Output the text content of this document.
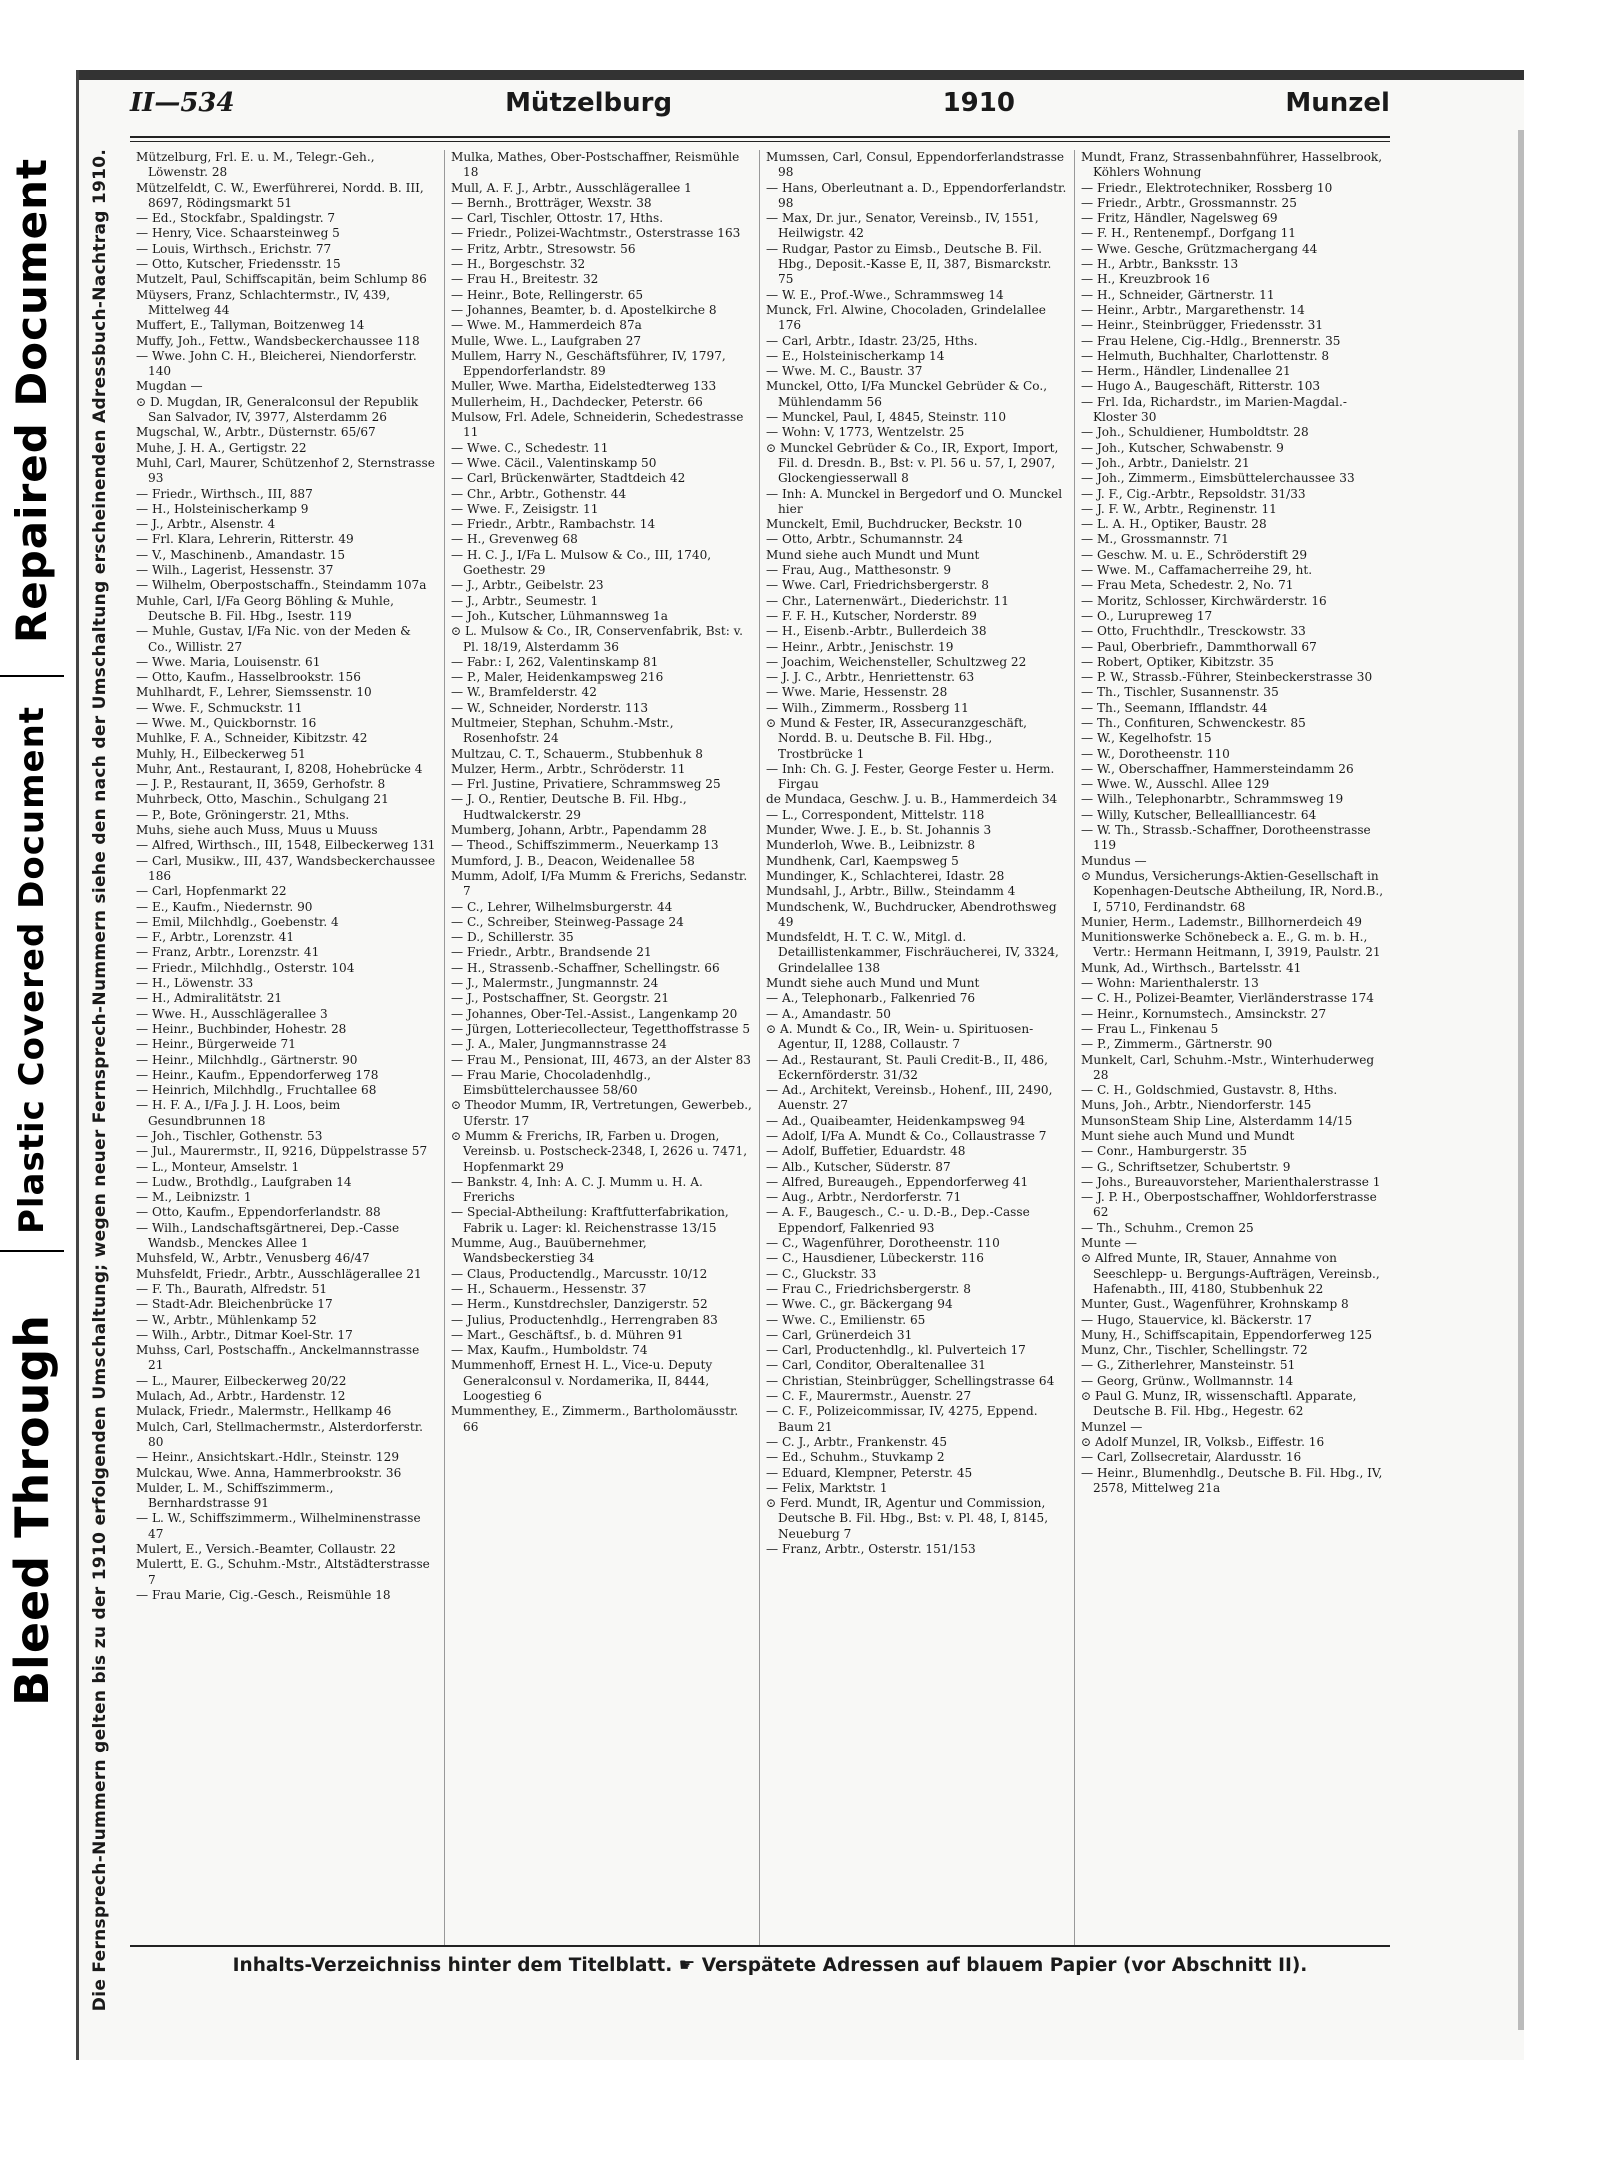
Repaired Document
Plastic Covered Document
Bleed Through Die Fernsprech-Nummern gelten bis zu der 1910 erfolgenden Umschaltung; wegen neuer Fernsprech-Nummern siehe den nach der Umschaltung erscheinenden Adressbuch-Nachtrag 1910.
II—534	Mützelburg	1910	Munzel
Mützelburg, Frl. E. u. M., Telegr.-Geh., Löwenstr. 28
Mützelfeldt, C. W., Ewerführerei, Nordd. B. III, 8697, Rödingsmarkt 51
— Ed., Stockfabr., Spaldingstr. 7
— Henry, Vice. Schaarsteinweg 5
— Louis, Wirthsch., Erichstr. 77
— Otto, Kutscher, Friedensstr. 15
Mutzelt, Paul, Schiffscapitän, beim Schlump 86
Müysers, Franz, Schlachtermstr., IV, 439, Mittelweg 44
Muffert, E., Tallyman, Boitzenweg 14
Muffy, Joh., Fettw., Wandsbeckerchaussee 118
— Wwe. John C. H., Bleicherei, Niendorferstr. 140
Mugdan —
⊙ D. Mugdan, IR, Generalconsul der Republik San Salvador, IV, 3977, Alsterdamm 26
Mugschal, W., Arbtr., Düsternstr. 65/67
Muhe, J. H. A., Gertigstr. 22
Muhl, Carl, Maurer, Schützenhof 2, Sternstrasse 93
— Friedr., Wirthsch., III, 887
— H., Holsteinischerkamp 9
— J., Arbtr., Alsenstr. 4
— Frl. Klara, Lehrerin, Ritterstr. 49
— V., Maschinenb., Amandastr. 15
— Wilh., Lagerist, Hessenstr. 37
— Wilhelm, Oberpostschaffn., Steindamm 107a
Muhle, Carl, I/Fa Georg Böhling & Muhle, Deutsche B. Fil. Hbg., Isestr. 119
— Muhle, Gustav, I/Fa Nic. von der Meden & Co., Willistr. 27
— Wwe. Maria, Louisenstr. 61
— Otto, Kaufm., Hasselbrookstr. 156
Muhlhardt, F., Lehrer, Siemssenstr. 10
— Wwe. F., Schmuckstr. 11
— Wwe. M., Quickbornstr. 16
Muhlke, F. A., Schneider, Kibitzstr. 42
Muhly, H., Eilbeckerweg 51
Muhr, Ant., Restaurant, I, 8208, Hohebrücke 4
— J. P., Restaurant, II, 3659, Gerhofstr. 8
Muhrbeck, Otto, Maschin., Schulgang 21
— P., Bote, Gröningerstr. 21, Mths.
Muhs, siehe auch Muss, Muus u Muuss
— Alfred, Wirthsch., III, 1548, Eilbeckerweg 131
— Carl, Musikw., III, 437, Wandsbeckerchaussee 186
— Carl, Hopfenmarkt 22
— E., Kaufm., Niedernstr. 90
— Emil, Milchhdlg., Goebenstr. 4
— F., Arbtr., Lorenzstr. 41
— Franz, Arbtr., Lorenzstr. 41
— Friedr., Milchhdlg., Osterstr. 104
— H., Löwenstr. 33
— H., Admiralitätstr. 21
— Wwe. H., Ausschlägerallee 3
— Heinr., Buchbinder, Hohestr. 28
— Heinr., Bürgerweide 71
— Heinr., Milchhdlg., Gärtnerstr. 90
— Heinr., Kaufm., Eppendorferweg 178
— Heinrich, Milchhdlg., Fruchtallee 68
— H. F. A., I/Fa J. J. H. Loos, beim Gesundbrunnen 18
— Joh., Tischler, Gothenstr. 53
— Jul., Maurermstr., II, 9216, Düppelstrasse 57
— L., Monteur, Amselstr. 1
— Ludw., Brothdlg., Laufgraben 14
— M., Leibnizstr. 1
— Otto, Kaufm., Eppendorferlandstr. 88
— Wilh., Landschaftsgärtnerei, Dep.-Casse Wandsb., Menckes Allee 1
Muhsfeld, W., Arbtr., Venusberg 46/47
Muhsfeldt, Friedr., Arbtr., Ausschlägerallee 21
— F. Th., Baurath, Alfredstr. 51
— Stadt-Adr. Bleichenbrücke 17
— W., Arbtr., Mühlenkamp 52
— Wilh., Arbtr., Ditmar Koel-Str. 17
Muhss, Carl, Postschaffn., Anckelmannstrasse 21
— L., Maurer, Eilbeckerweg 20/22
Mulach, Ad., Arbtr., Hardenstr. 12
Mulack, Friedr., Malermstr., Hellkamp 46
Mulch, Carl, Stellmachermstr., Alsterdorferstr. 80
— Heinr., Ansichtskart.-Hdlr., Steinstr. 129
Mulckau, Wwe. Anna, Hammerbrookstr. 36
Mulder, L. M., Schiffszimmerm., Bernhardstrasse 91
— L. W., Schiffszimmerm., Wilhelminenstrasse 47
Mulert, E., Versich.-Beamter, Collaustr. 22
Mulertt, E. G., Schuhm.-Mstr., Altstädterstrasse 7
— Frau Marie, Cig.-Gesch., Reismühle 18
Mulka, Mathes, Ober-Postschaffner, Reismühle 18
Mull, A. F. J., Arbtr., Ausschlägerallee 1
— Bernh., Brotträger, Wexstr. 38
— Carl, Tischler, Ottostr. 17, Hths.
— Friedr., Polizei-Wachtmstr., Osterstrasse 163
— Fritz, Arbtr., Stresowstr. 56
— H., Borgeschstr. 32
— Frau H., Breitestr. 32
— Heinr., Bote, Rellingerstr. 65
— Johannes, Beamter, b. d. Apostelkirche 8
— Wwe. M., Hammerdeich 87a
Mulle, Wwe. L., Laufgraben 27
Mullem, Harry N., Geschäftsführer, IV, 1797, Eppendorferlandstr. 89
Muller, Wwe. Martha, Eidelstedterweg 133
Mullerheim, H., Dachdecker, Peterstr. 66
Mulsow, Frl. Adele, Schneiderin, Schedestrasse 11
— Wwe. C., Schedestr. 11
— Wwe. Cäcil., Valentinskamp 50
— Carl, Brückenwärter, Stadtdeich 42
— Chr., Arbtr., Gothenstr. 44
— Wwe. F., Zeisigstr. 11
— Friedr., Arbtr., Rambachstr. 14
— H., Grevenweg 68
— H. C. J., I/Fa L. Mulsow & Co., III, 1740, Goethestr. 29
— J., Arbtr., Geibelstr. 23
— J., Arbtr., Seumestr. 1
— Joh., Kutscher, Lühmannsweg 1a
⊙ L. Mulsow & Co., IR, Conservenfabrik, Bst: v. Pl. 18/19, Alsterdamm 36
— Fabr.: I, 262, Valentinskamp 81
— P., Maler, Heidenkampsweg 216
— W., Bramfelderstr. 42
— W., Schneider, Norderstr. 113
Multmeier, Stephan, Schuhm.-Mstr., Rosenhofstr. 24
Multzau, C. T., Schauerm., Stubbenhuk 8
Mulzer, Herm., Arbtr., Schröderstr. 11
— Frl. Justine, Privatiere, Schrammsweg 25
— J. O., Rentier, Deutsche B. Fil. Hbg., Hudtwalckerstr. 29
Mumberg, Johann, Arbtr., Papendamm 28
— Theod., Schiffszimmerm., Neuerkamp 13
Mumford, J. B., Deacon, Weidenallee 58
Mumm, Adolf, I/Fa Mumm & Frerichs, Sedanstr. 7
— C., Lehrer, Wilhelmsburgerstr. 44
— C., Schreiber, Steinweg-Passage 24
— D., Schillerstr. 35
— Friedr., Arbtr., Brandsende 21
— H., Strassenb.-Schaffner, Schellingstr. 66
— J., Malermstr., Jungmannstr. 24
— J., Postschaffner, St. Georgstr. 21
— Johannes, Ober-Tel.-Assist., Langenkamp 20
— Jürgen, Lotteriecollecteur, Tegetthoffstrasse 5
— J. A., Maler, Jungmannstrasse 24
— Frau M., Pensionat, III, 4673, an der Alster 83
— Frau Marie, Chocoladenhdlg., Eimsbüttelerchaussee 58/60
⊙ Theodor Mumm, IR, Vertretungen, Gewerbeb., Uferstr. 17
⊙ Mumm & Frerichs, IR, Farben u. Drogen, Vereinsb. u. Postscheck-2348, I, 2626 u. 7471, Hopfenmarkt 29
— Bankstr. 4, Inh: A. C. J. Mumm u. H. A. Frerichs
— Special-Abtheilung: Kraftfutterfabrikation, Fabrik u. Lager: kl. Reichenstrasse 13/15
Mumme, Aug., Bauübernehmer, Wandsbeckerstieg 34
— Claus, Productendlg., Marcusstr. 10/12
— H., Schauerm., Hessenstr. 37
— Herm., Kunstdrechsler, Danzigerstr. 52
— Julius, Productenhdlg., Herrengraben 83
— Mart., Geschäftsf., b. d. Mühren 91
— Max, Kaufm., Humboldstr. 74
Mummenhoff, Ernest H. L., Vice-u. Deputy Generalconsul v. Nordamerika, II, 8444, Loogestieg 6
Mummenthey, E., Zimmerm., Bartholomäusstr. 66
Mumssen, Carl, Consul, Eppendorferlandstrasse 98
— Hans, Oberleutnant a. D., Eppendorferlandstr. 98
— Max, Dr. jur., Senator, Vereinsb., IV, 1551, Heilwigstr. 42
— Rudgar, Pastor zu Eimsb., Deutsche B. Fil. Hbg., Deposit.-Kasse E, II, 387, Bismarckstr. 75
— W. E., Prof.-Wwe., Schrammsweg 14
Munck, Frl. Alwine, Chocoladen, Grindelallee 176
— Carl, Arbtr., Idastr. 23/25, Hths.
— E., Holsteinischerkamp 14
— Wwe. M. C., Baustr. 37
Munckel, Otto, I/Fa Munckel Gebrüder & Co., Mühlendamm 56
— Munckel, Paul, I, 4845, Steinstr. 110
— Wohn: V, 1773, Wentzelstr. 25
⊙ Munckel Gebrüder & Co., IR, Export, Import, Fil. d. Dresdn. B., Bst: v. Pl. 56 u. 57, I, 2907, Glockengiesserwall 8
— Inh: A. Munckel in Bergedorf und O. Munckel hier
Munckelt, Emil, Buchdrucker, Beckstr. 10
— Otto, Arbtr., Schumannstr. 24
Mund siehe auch Mundt und Munt
— Frau, Aug., Matthesonstr. 9
— Wwe. Carl, Friedrichsbergerstr. 8
— Chr., Laternenwärt., Diederichstr. 11
— F. F. H., Kutscher, Norderstr. 89
— H., Eisenb.-Arbtr., Bullerdeich 38
— Heinr., Arbtr., Jenischstr. 19
— Joachim, Weichensteller, Schultzweg 22
— J. J. C., Arbtr., Henriettenstr. 63
— Wwe. Marie, Hessenstr. 28
— Wilh., Zimmerm., Rossberg 11
⊙ Mund & Fester, IR, Assecuranzgeschäft, Nordd. B. u. Deutsche B. Fil. Hbg., Trostbrücke 1
— Inh: Ch. G. J. Fester, George Fester u. Herm. Firgau
de Mundaca, Geschw. J. u. B., Hammerdeich 34
— L., Correspondent, Mittelstr. 118
Munder, Wwe. J. E., b. St. Johannis 3
Munderloh, Wwe. B., Leibnizstr. 8
Mundhenk, Carl, Kaempsweg 5
Mundinger, K., Schlachterei, Idastr. 28
Mundsahl, J., Arbtr., Billw., Steindamm 4
Mundschenk, W., Buchdrucker, Abendrothsweg 49
Mundsfeldt, H. T. C. W., Mitgl. d. Detaillistenkammer, Fischräucherei, IV, 3324, Grindelallee 138
Mundt siehe auch Mund und Munt
— A., Telephonarb., Falkenried 76
— A., Amandastr. 50
⊙ A. Mundt & Co., IR, Wein- u. Spirituosen-Agentur, II, 1288, Collaustr. 7
— Ad., Restaurant, St. Pauli Credit-B., II, 486, Eckernförderstr. 31/32
— Ad., Architekt, Vereinsb., Hohenf., III, 2490, Auenstr. 27
— Ad., Quaibeamter, Heidenkampsweg 94
— Adolf, I/Fa A. Mundt & Co., Collaustrasse 7
— Adolf, Buffetier, Eduardstr. 48
— Alb., Kutscher, Süderstr. 87
— Alfred, Bureaugeh., Eppendorferweg 41
— Aug., Arbtr., Nerdorferstr. 71
— A. F., Baugesch., C.- u. D.-B., Dep.-Casse Eppendorf, Falkenried 93
— C., Wagenführer, Dorotheenstr. 110
— C., Hausdiener, Lübeckerstr. 116
— C., Gluckstr. 33
— Frau C., Friedrichsbergerstr. 8
— Wwe. C., gr. Bäckergang 94
— Wwe. C., Emilienstr. 65
— Carl, Grünerdeich 31
— Carl, Productenhdlg., kl. Pulverteich 17
— Carl, Conditor, Oberaltenallee 31
— Christian, Steinbrügger, Schellingstrasse 64
— C. F., Maurermstr., Auenstr. 27
— C. F., Polizeicommissar, IV, 4275, Eppend. Baum 21
— C. J., Arbtr., Frankenstr. 45
— Ed., Schuhm., Stuvkamp 2
— Eduard, Klempner, Peterstr. 45
— Felix, Marktstr. 1
⊙ Ferd. Mundt, IR, Agentur und Commission, Deutsche B. Fil. Hbg., Bst: v. Pl. 48, I, 8145, Neueburg 7
— Franz, Arbtr., Osterstr. 151/153
Mundt, Franz, Strassenbahnführer, Hasselbrook, Köhlers Wohnung
— Friedr., Elektrotechniker, Rossberg 10
— Friedr., Arbtr., Grossmannstr. 25
— Fritz, Händler, Nagelsweg 69
— F. H., Rentenempf., Dorfgang 11
— Wwe. Gesche, Grützmachergang 44
— H., Arbtr., Banksstr. 13
— H., Kreuzbrook 16
— H., Schneider, Gärtnerstr. 11
— Heinr., Arbtr., Margarethenstr. 14
— Heinr., Steinbrügger, Friedensstr. 31
— Frau Helene, Cig.-Hdlg., Brennerstr. 35
— Helmuth, Buchhalter, Charlottenstr. 8
— Herm., Händler, Lindenallee 21
— Hugo A., Baugeschäft, Ritterstr. 103
— Frl. Ida, Richardstr., im Marien-Magdal.-Kloster 30
— Joh., Schuldiener, Humboldtstr. 28
— Joh., Kutscher, Schwabenstr. 9
— Joh., Arbtr., Danielstr. 21
— Joh., Zimmerm., Eimsbüttelerchaussee 33
— J. F., Cig.-Arbtr., Repsoldstr. 31/33
— J. F. W., Arbtr., Reginenstr. 11
— L. A. H., Optiker, Baustr. 28
— M., Grossmannstr. 71
— Geschw. M. u. E., Schröderstift 29
— Wwe. M., Caffamacherreihe 29, ht.
— Frau Meta, Schedestr. 2, No. 71
— Moritz, Schlosser, Kirchwärderstr. 16
— O., Lurupreweg 17
— Otto, Fruchthdlr., Tresckowstr. 33
— Paul, Oberbriefr., Dammthorwall 67
— Robert, Optiker, Kibitzstr. 35
— P. W., Strassb.-Führer, Steinbeckerstrasse 30
— Th., Tischler, Susannenstr. 35
— Th., Seemann, Ifflandstr. 44
— Th., Confituren, Schwenckestr. 85
— W., Kegelhofstr. 15
— W., Dorotheenstr. 110
— W., Oberschaffner, Hammersteindamm 26
— Wwe. W., Ausschl. Allee 129
— Wilh., Telephonarbtr., Schrammsweg 19
— Willy, Kutscher, Belleallliancestr. 64
— W. Th., Strassb.-Schaffner, Dorotheenstrasse 119
Mundus —
⊙ Mundus, Versicherungs-Aktien-Gesellschaft in Kopenhagen-Deutsche Abtheilung, IR, Nord.B., I, 5710, Ferdinandstr. 68
Munier, Herm., Lademstr., Billhornerdeich 49
Munitionswerke Schönebeck a. E., G. m. b. H., Vertr.: Hermann Heitmann, I, 3919, Paulstr. 21
Munk, Ad., Wirthsch., Bartelsstr. 41
— Wohn: Marienthalerstr. 13
— C. H., Polizei-Beamter, Vierländerstrasse 174
— Heinr., Kornumstech., Amsinckstr. 27
— Frau L., Finkenau 5
— P., Zimmerm., Gärtnerstr. 90
Munkelt, Carl, Schuhm.-Mstr., Winterhuderweg 28
— C. H., Goldschmied, Gustavstr. 8, Hths.
Muns, Joh., Arbtr., Niendorferstr. 145
MunsonSteam Ship Line, Alsterdamm 14/15
Munt siehe auch Mund und Mundt
— Conr., Hamburgerstr. 35
— G., Schriftsetzer, Schubertstr. 9
— Johs., Bureauvorsteher, Marienthalerstrasse 1
— J. P. H., Oberpostschaffner, Wohldorferstrasse 62
— Th., Schuhm., Cremon 25
Munte —
⊙ Alfred Munte, IR, Stauer, Annahme von Seeschlepp- u. Bergungs-Aufträgen, Vereinsb., Hafenabth., III, 4180, Stubbenhuk 22
Munter, Gust., Wagenführer, Krohnskamp 8
— Hugo, Stauervice, kl. Bäckerstr. 17
Muny, H., Schiffscapitain, Eppendorferweg 125
Munz, Chr., Tischler, Schellingstr. 72
— G., Zitherlehrer, Mansteinstr. 51
— Georg, Grünw., Wollmannstr. 14
⊙ Paul G. Munz, IR, wissenschaftl. Apparate, Deutsche B. Fil. Hbg., Hegestr. 62
Munzel —
⊙ Adolf Munzel, IR, Volksb., Eiffestr. 16
— Carl, Zollsecretair, Alardusstr. 16
— Heinr., Blumenhdlg., Deutsche B. Fil. Hbg., IV, 2578, Mittelweg 21a
Inhalts-Verzeichniss hinter dem Titelblatt. ☛ Verspätete Adressen auf blauem Papier (vor Abschnitt II).
